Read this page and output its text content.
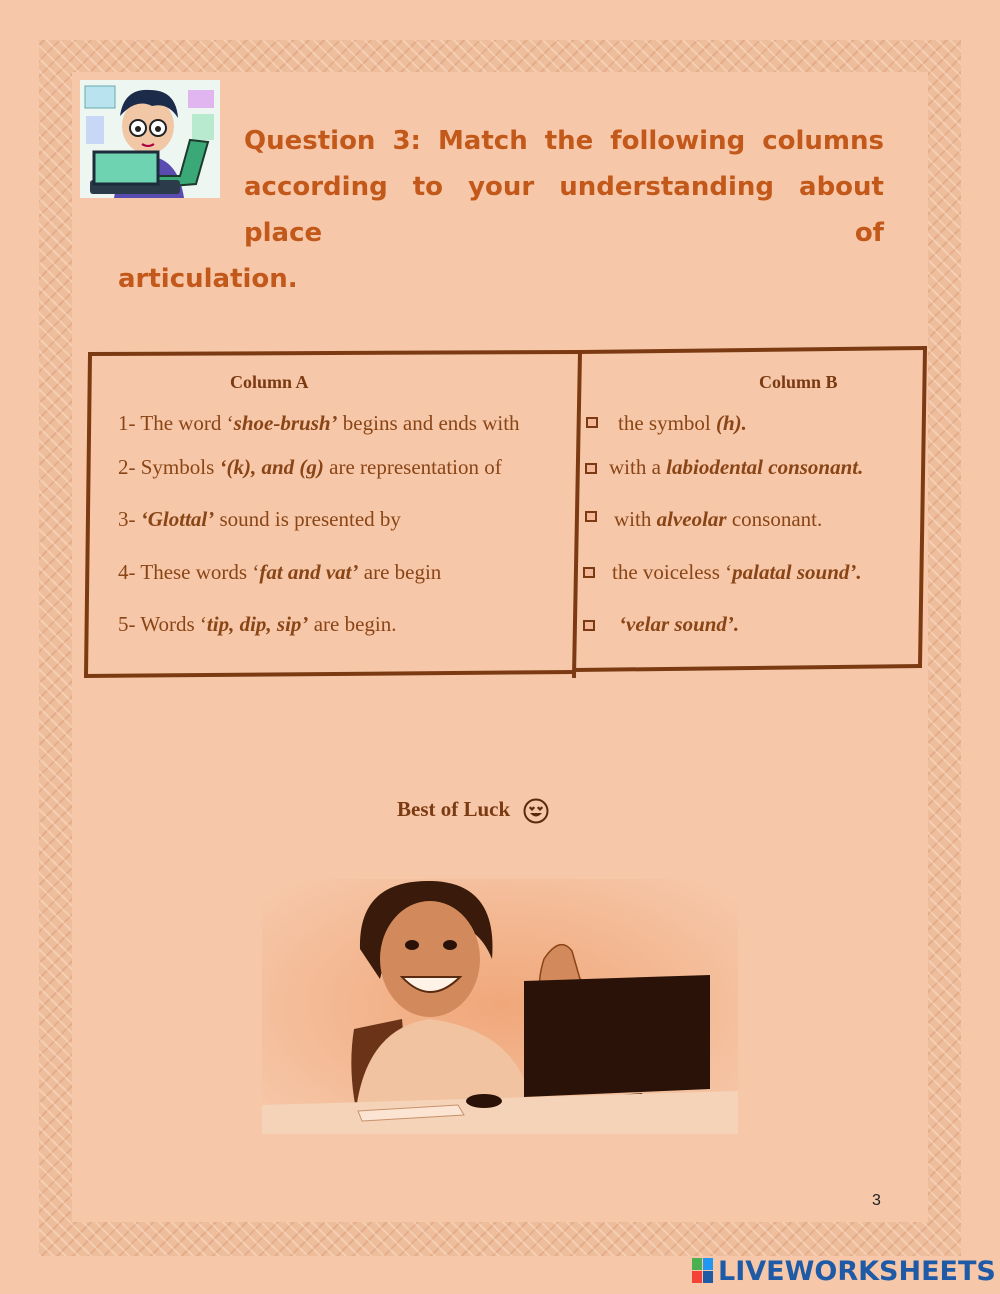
Question 3: Match the following columns
according to your understanding about place of
articulation.
Column A	Column B
1- The word ‘shoe-brush’ begins and ends with
2- Symbols ‘(k), and (g) are representation of
3- ‘Glottal’ sound is presented by
4- These words ‘fat and vat’ are begin
5- Words ‘tip, dip, sip’ are begin.
the symbol (h).
with a labiodental consonant.
with alveolar consonant.
the voiceless ‘palatal sound’.
‘velar sound’.
Best of Luck
3
LIVEWORKSHEETS
